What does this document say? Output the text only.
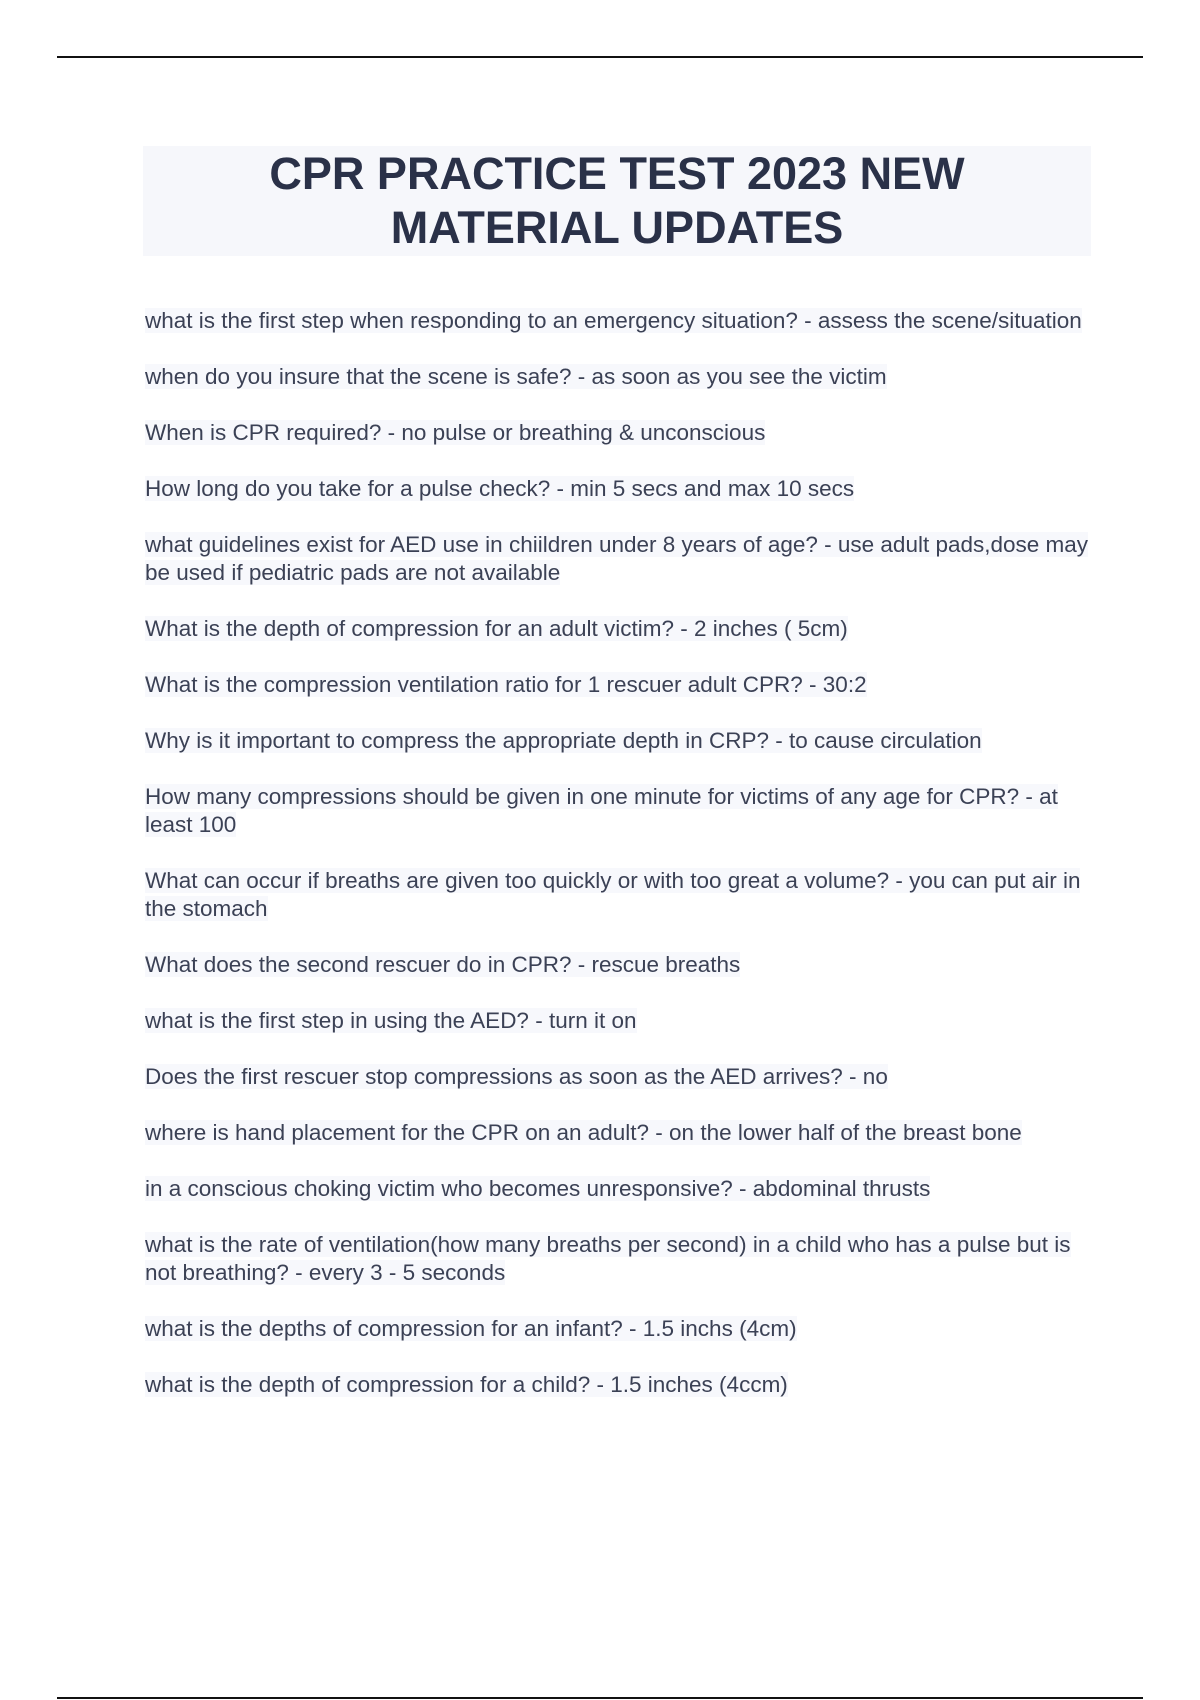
CPR PRACTICE TEST 2023 NEW
MATERIAL UPDATES
what is the first step when responding to an emergency situation? - assess the scene/situation
when do you insure that the scene is safe? - as soon as you see the victim
When is CPR required? - no pulse or breathing & unconscious
How long do you take for a pulse check? - min 5 secs and max 10 secs
what guidelines exist for AED use in chiildren under 8 years of age? - use adult pads,dose may be used if pediatric pads are not available
What is the depth of compression for an adult victim? - 2 inches ( 5cm)
What is the compression ventilation ratio for 1 rescuer adult CPR? - 30:2
Why is it important to compress the appropriate depth in CRP? - to cause circulation
How many compressions should be given in one minute for victims of any age for CPR? - at least 100
What can occur if breaths are given too quickly or with too great a volume? - you can put air in the stomach
What does the second rescuer do in CPR? - rescue breaths
what is the first step in using the AED? - turn it on
Does the first rescuer stop compressions as soon as the AED arrives? - no
where is hand placement for the CPR on an adult? - on the lower half of the breast bone
in a conscious choking victim who becomes unresponsive? - abdominal thrusts
what is the rate of ventilation(how many breaths per second) in a child who has a pulse but is not breathing? - every 3 - 5 seconds
what is the depths of compression for an infant? - 1.5 inchs (4cm)
what is the depth of compression for a child? - 1.5 inches (4ccm)
